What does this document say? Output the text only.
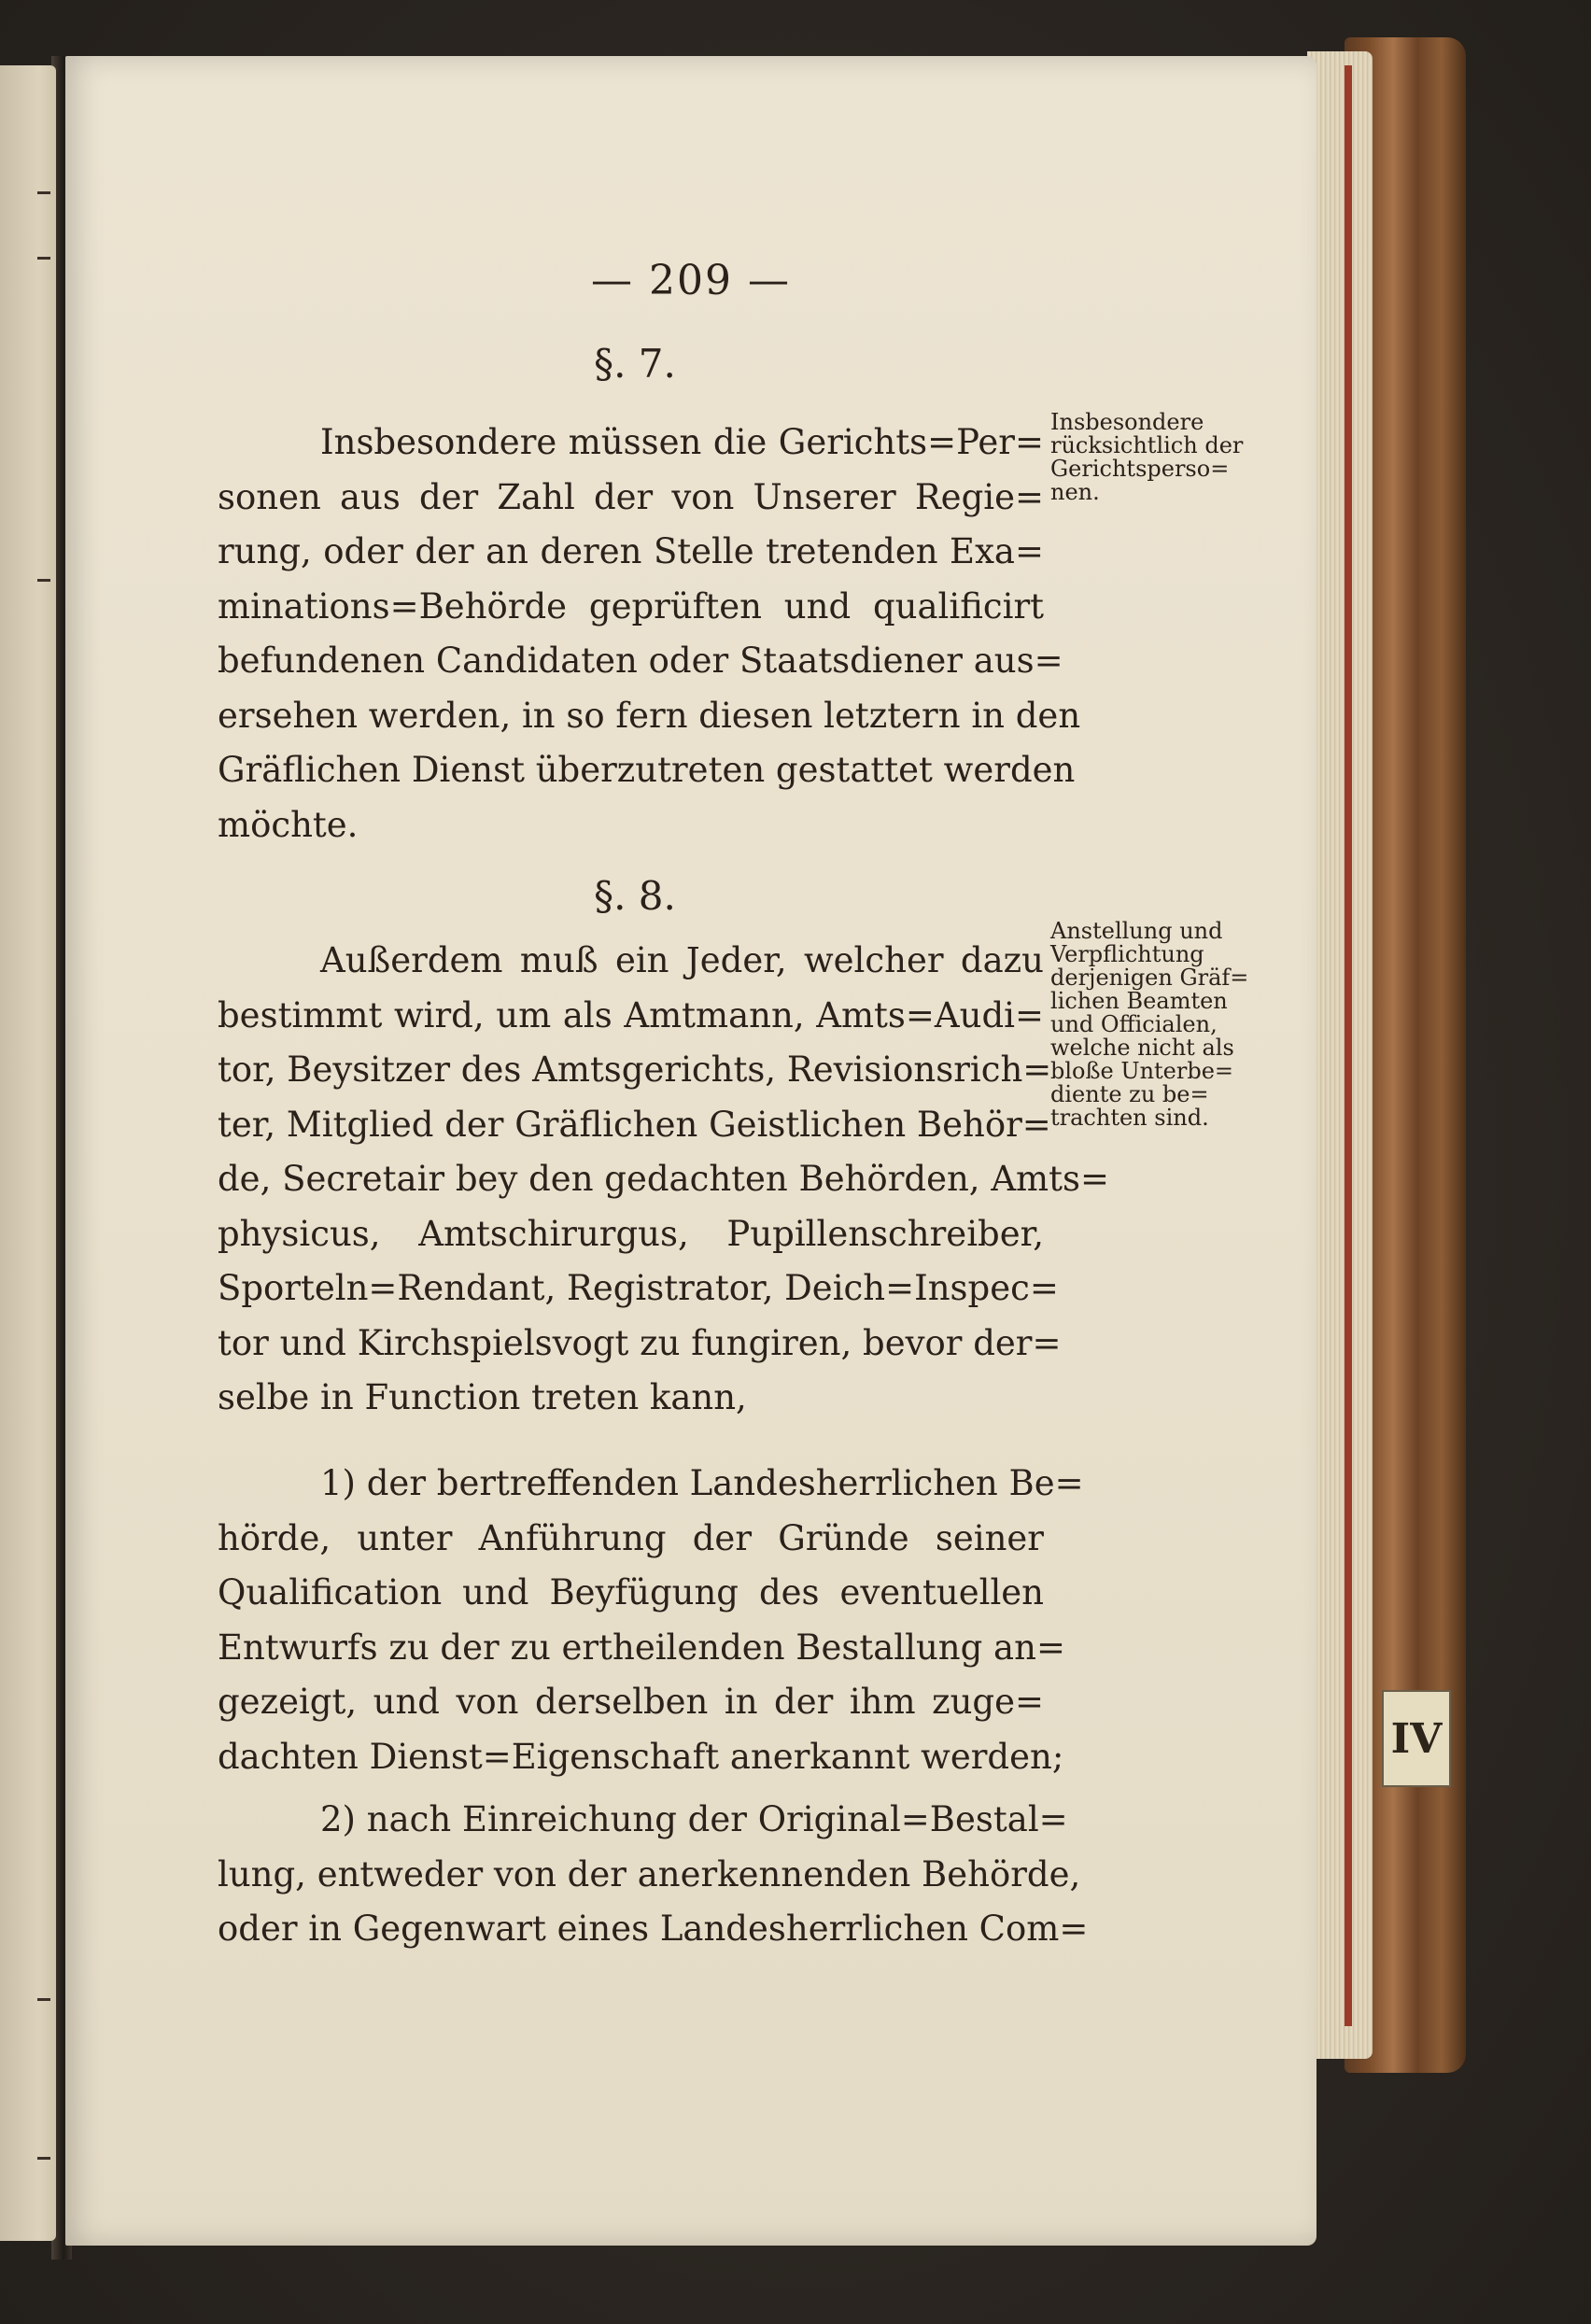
IV
— 209 —
§. 7.
Insbesondere müssen die Gerichts=Per=
sonen aus der Zahl der von Unserer Regie=
rung, oder der an deren Stelle tretenden Exa=
minations=Behörde geprüften und qualificirt
befundenen Candidaten oder Staatsdiener aus=
ersehen werden, in so fern diesen letztern in den
Gräflichen Dienst überzutreten gestattet werden
möchte.
Insbesondere
rücksichtlich der
Gerichtsperso=
nen.
§. 8.
Außerdem muß ein Jeder, welcher dazu
bestimmt wird, um als Amtmann, Amts=Audi=
tor, Beysitzer des Amtsgerichts, Revisionsrich=
ter, Mitglied der Gräflichen Geistlichen Behör=
de, Secretair bey den gedachten Behörden, Amts=
physicus, Amtschirurgus, Pupillenschreiber,
Sporteln=Rendant, Registrator, Deich=Inspec=
tor und Kirchspielsvogt zu fungiren, bevor der=
selbe in Function treten kann,
Anstellung und
Verpflichtung
derjenigen Gräf=
lichen Beamten
und Officialen,
welche nicht als
bloße Unterbe=
diente zu be=
trachten sind.
1) der bertreffenden Landesherrlichen Be=
hörde, unter Anführung der Gründe seiner
Qualification und Beyfügung des eventuellen
Entwurfs zu der zu ertheilenden Bestallung an=
gezeigt, und von derselben in der ihm zuge=
dachten Dienst=Eigenschaft anerkannt werden;
2) nach Einreichung der Original=Bestal=
lung, entweder von der anerkennenden Behörde,
oder in Gegenwart eines Landesherrlichen Com=
